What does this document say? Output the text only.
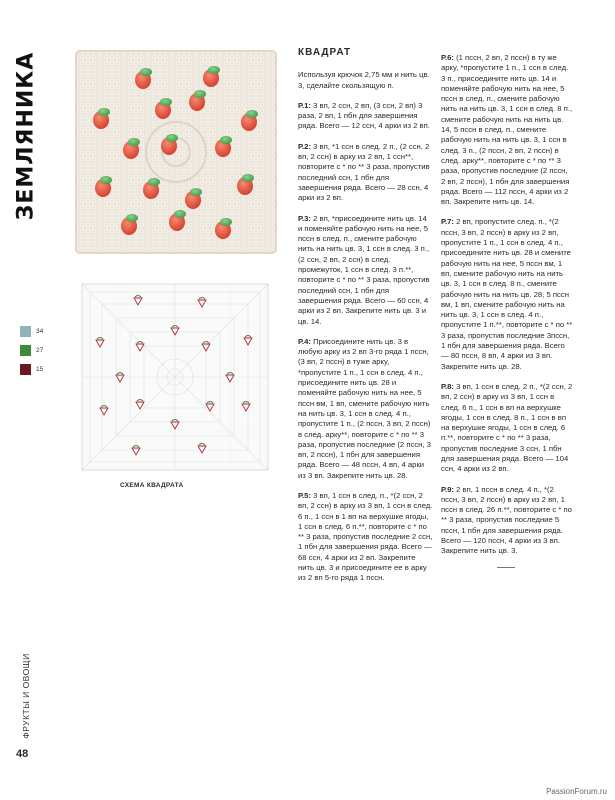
ЗЕМЛЯНИКА
СХЕМА КВАДРАТА
34
27
15
КВАДРАТ

Используя крючок 2,75 мм и нить цв. 3, сделайте скользящую п.

Р.1: 3 вп, 2 ссн, 2 вп, (3 ссн, 2 вп) 3 раза, 2 вп, 1 пбн для завершения ряда. Всего — 12 ссн, 4 арки из 2 вп.

Р.2: 3 вп, *1 ссн в след. 2 п., (2 ссн, 2 вп, 2 ссн) в арку из 2 вп, 1 сcн**, повторите с * по ** 3 раза, пропустив последний ссн, 1 пбн для завершения ряда. Всего — 28 ссн, 4 арки из 2 вп.

Р.3: 2 вп, *присоедините нить цв. 14 и поменяйте рабочую нить на нее, 5 пссн в след. п., смените рабочую нить на нить цв. 3, 1 ссн в след. 3 п., (2 ссн, 2 вп, 2 ссн) в след. промежуток, 1 ссн в след. 3 п.**, повторите с * по ** 3 раза, пропустив последний ссн, 1 пбн для завершения ряда. Всего — 60 ссн, 4 арки из 2 вп. Закрепите нить цв. 3 и цв. 14.

Р.4: Присоедините нить цв. 3 в любую арку из 2 вп 3-го ряда 1 пссн, (3 вп, 2 пссн) в туже арку, *пропустите 1 п., 1 ссн в след. 4 п., присоедините нить цв. 28 и поменяйте рабочую нить на нее, 5 пссн вм, 1 вп, смените рабочую нить на нить цв. 3, 1 ссн в след. 4 п., пропустите 1 п., (2 пссн, 3 вп, 2 пссн) в след. арку**, повторите с * по ** 3 раза, пропустив последние (2 пссн, 3 вп, 2 пссн), 1 пбн для завершения ряда. Всего — 48 пссн, 4 вп, 4 арки из 3 вп. Закрепите нить цв. 28.

Р.5: 3 вп, 1 ссн в след. п., *(2 ссн, 2 вп, 2 ссн) в арку из 3 вп, 1 ссн в след. 6 п., 1 ссн в 1 вп на верхушке ягоды, 1 ссн в след. 6 п.**, повторите с * по ** 3 раза, пропустив последние 2 ссн, 1 пбн для завершения ряда. Всего — 68 ссн, 4 арки из 2 вп. Закрепите нить цв. 3 и присоедините ее в арку из 2 вп 5-го ряда 1 пссн.

Р.6: (1 пссн, 2 вп, 2 пссн) в ту же арку, *пропустите 1 п., 1 ссн в след. 3 п., присоедините нить цв. 14 и поменяйте рабочую нить на нее, 5 пссн в след. п., смените рабочую нить на нить цв. 3, 1 ссн в след. 8 п., смените рабочую нить на нить цв. 14, 5 пссн в след. п., смените рабочую нить на нить цв. 3, 1 ссн в след. 3 п., (2 пссн, 2 вп, 2 пссн) в след. арку**, повторите с * по ** 3 раза, пропустив последние (2 пссн, 2 вп, 2 пссн), 1 пбн для завершения ряда. Всего — 112 пссн, 4 арки из 2 вп. Закрепите нить цв. 14.

Р.7: 2 вп, пропустите след. п., *(2 пссн, 3 вп, 2 пссн) в арку из 2 вп, пропустите 1 п., 1 ссн в след. 4 п., присоедините нить цв. 28 и смените рабочую нить на нее, 5 пссн вм, 1 вп, смените рабочую нить на нить цв. 3, 1 ссн в след. 8 п., смените рабочую нить на нить цв. 28, 5 пссн вм, 1 вп, смените рабочую нить на нить цв. 3, 1 ссн в след. 4 п., пропустите 1 п.**, повторите с * по ** 3 раза, пропустив последние 3пссн, 1 пбн для завершения ряда. Всего — 80 пссн, 8 вп, 4 арки из 3 вп. Закрепите нить цв. 28.

Р.8: 3 вп, 1 ссн в след. 2 п., *(2 ссн, 2 вп, 2 ссн) в арку из 3 вп, 1 ссн в след. 6 п., 1 ссн в вп на верхушке ягоды, 1 ссн в след. 8 п., 1 ссн в вп на верхушке ягоды, 1 ссн в след. 6 п.**, повторите с * по ** 3 раза, пропустив последние 3 ссн, 1 пбн для завершения ряда. Всего — 104 ссн, 4 арки из 2 вп.

Р.9: 2 вп, 1 пссн в след. 4 п., *(2 пссн, 3 вп, 2 пссн) в арку из 2 вп, 1 пссн в след. 26 п.**, повторите с * по ** 3 раза, пропустив последние 5 пссн, 1 пбн для завершения ряда. Всего — 120 пссн, 4 арки из 3 вп. Закрепите нить цв. 3.

ФРУКТЫ И ОВОЩИ
48
PassionForum.ru
